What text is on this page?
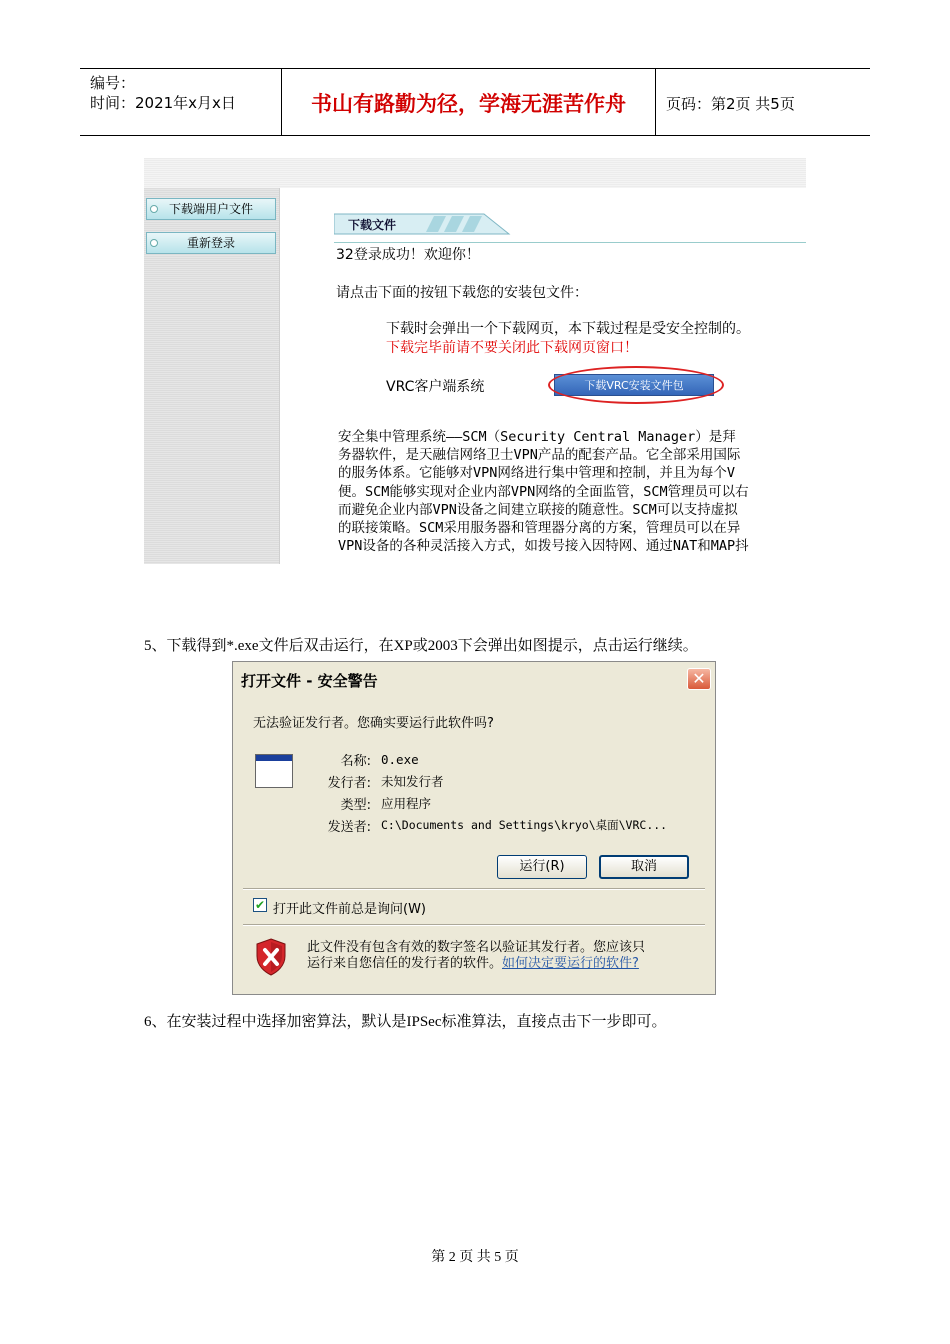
编号：
时间：2021年x月x日	书山有路勤为径，学海无涯苦作舟	页码：第2页 共5页
下载端用户文件
重新登录
下载文件
32登录成功！欢迎你！
请点击下面的按钮下载您的安装包文件：
下载时会弹出一个下载网页，本下载过程是受安全控制的。
下载完毕前请不要关闭此下载网页窗口！
VRC客户端系统	下载VRC安装文件包
安全集中管理系统——SCM（Security Central Manager）是拜
务器软件，是天融信网络卫士VPN产品的配套产品。它全部采用国际
的服务体系。它能够对VPN网络进行集中管理和控制，并且为每个V
便。SCM能够实现对企业内部VPN网络的全面监管，SCM管理员可以右
而避免企业内部VPN设备之间建立联接的随意性。SCM可以支持虚拟
的联接策略。SCM采用服务器和管理器分离的方案，管理员可以在异
VPN设备的各种灵活接入方式，如拨号接入因特网、通过NAT和MAP抖
5、下载得到*.exe文件后双击运行，在XP或2003下会弹出如图提示，点击运行继续。
打开文件 - 安全警告	✕
无法验证发行者。您确实要运行此软件吗?
名称: 0.exe
发行者: 未知发行者
类型: 应用程序
发送者: C:\Documents and Settings\kryo\桌面\VRC...
运行(R)	取消
✔ 打开此文件前总是询问(W)
此文件没有包含有效的数字签名以验证其发行者。您应该只
运行来自您信任的发行者的软件。如何决定要运行的软件?
6、在安装过程中选择加密算法，默认是IPSec标准算法，直接点击下一步即可。
第 2 页 共 5 页
